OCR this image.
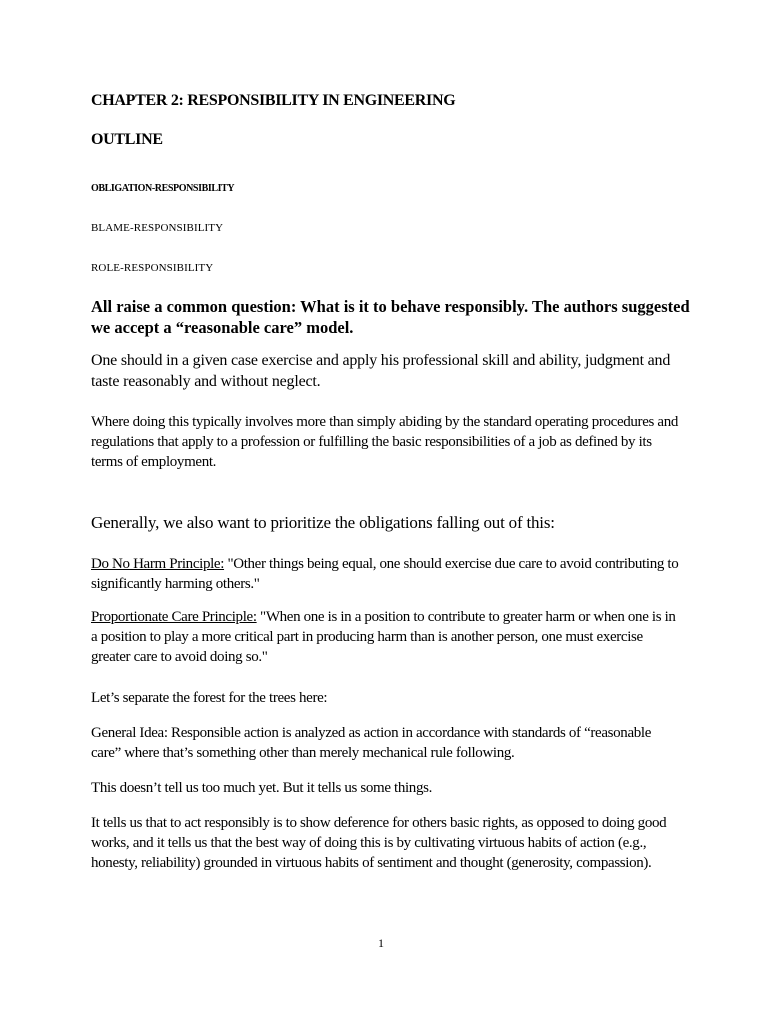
CHAPTER 2: RESPONSIBILITY IN ENGINEERING

OUTLINE

OBLIGATION-RESPONSIBILITY

BLAME-RESPONSIBILITY

ROLE-RESPONSIBILITY

All raise a common question: What is it to behave responsibly. The authors suggested we accept a “reasonable care” model.

One should in a given case exercise and apply his professional skill and ability, judgment and taste reasonably and without neglect.

Where doing this typically involves more than simply abiding by the standard operating procedures and regulations that apply to a profession or fulfilling the basic responsibilities of a job as defined by its terms of employment.

Generally, we also want to prioritize the obligations falling out of this:

Do No Harm Principle: "Other things being equal, one should exercise due care to avoid contributing to significantly harming others."

Proportionate Care Principle: "When one is in a position to contribute to greater harm or when one is in a position to play a more critical part in producing harm than is another person, one must exercise greater care to avoid doing so."

Let’s separate the forest for the trees here:

General Idea: Responsible action is analyzed as action in accordance with standards of “reasonable care” where that’s something other than merely mechanical rule following.

This doesn’t tell us too much yet. But it tells us some things.

It tells us that to act responsibly is to show deference for others basic rights, as opposed to doing good works, and it tells us that the best way of doing this is by cultivating virtuous habits of action (e.g., honesty, reliability) grounded in virtuous habits of sentiment and thought (generosity, compassion).

1
